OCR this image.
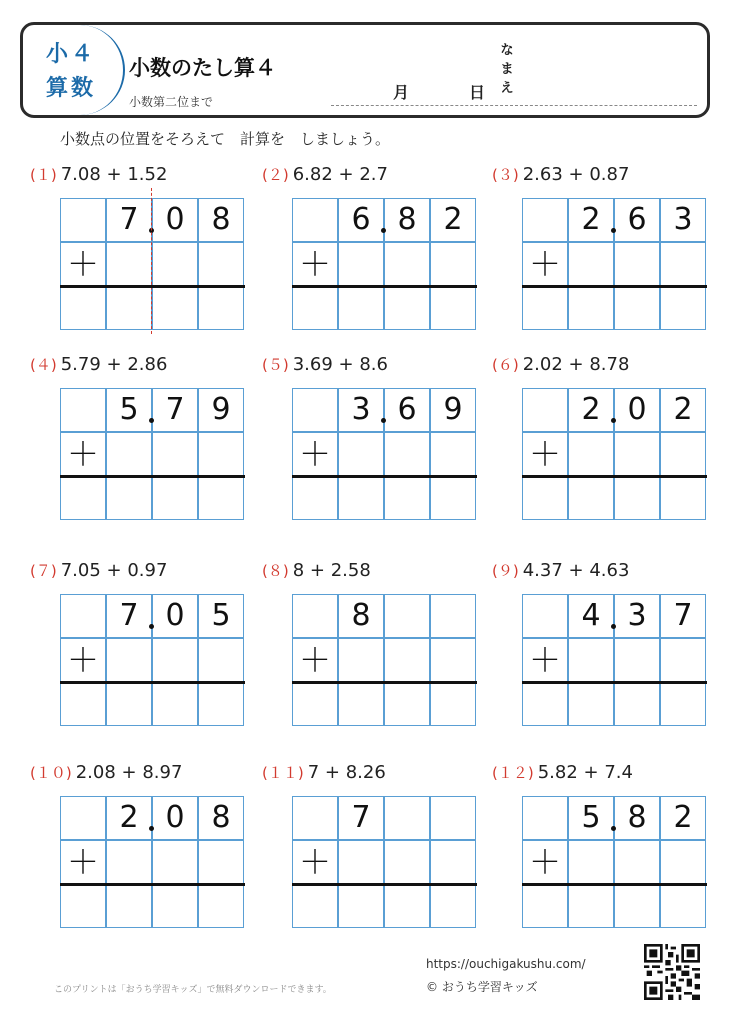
小４
算数
小数のたし算４
小数第二位まで	月	日
なまえ
小数点の位置をそろえて　計算を　しましょう。
(１) 7.08 + 1.52
7 0 8
＋
(２) 6.82 + 2.7
6 8 2
＋
(３) 2.63 + 0.87
2 6 3
＋
(４) 5.79 + 2.86
5 7 9
＋
(５) 3.69 + 8.6
3 6 9
＋
(６) 2.02 + 8.78
2 0 2
＋
(７) 7.05 + 0.97
7 0 5
＋
(８) 8 + 2.58
8
＋
(９) 4.37 + 4.63
4 3 7
＋
(１０) 2.08 + 8.97
2 0 8
＋
(１１) 7 + 8.26
7
＋
(１２) 5.82 + 7.4
5 8 2
＋
このプリントは「おうち学習キッズ」で無料ダウンロードできます。
https://ouchigakushu.com/
© おうち学習キッズ
